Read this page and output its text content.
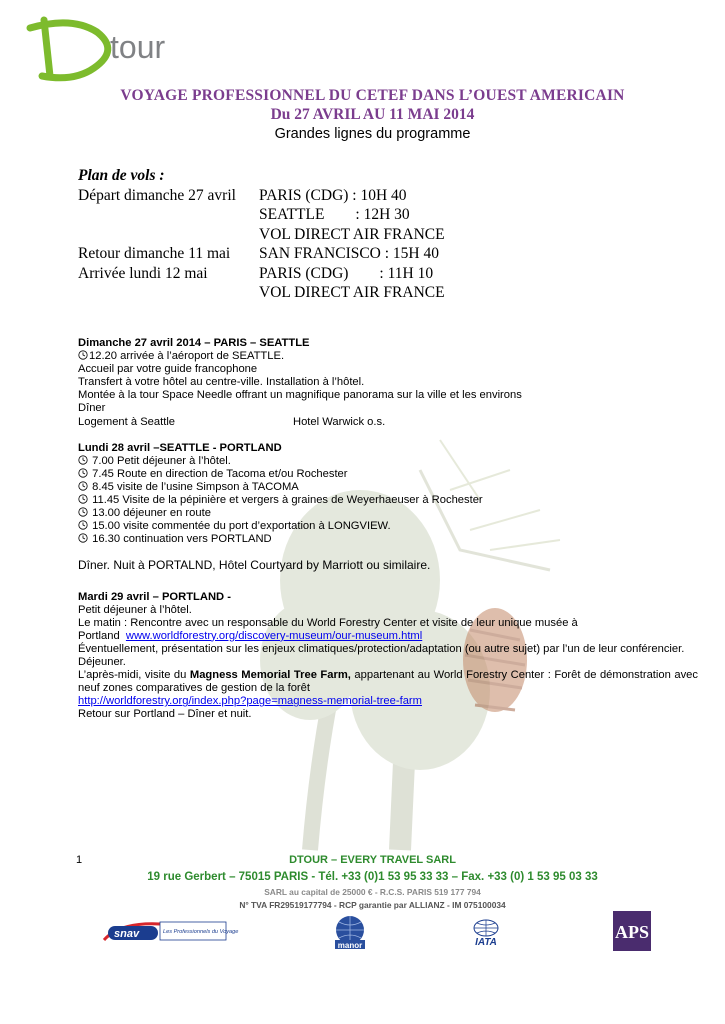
tour
VOYAGE PROFESSIONNEL DU CETEF DANS L’OUEST AMERICAIN
Du 27 AVRIL AU 11 MAI 2014
Grandes lignes du programme
Plan de vols :
Départ dimanche 27 avril	PARIS (CDG) : 10H 40
SEATTLE        : 12H 30
VOL DIRECT AIR FRANCE
Retour dimanche 11 mai	SAN FRANCISCO : 15H 40
Arrivée lundi 12 mai	PARIS (CDG)        : 11H 10
VOL DIRECT AIR FRANCE
Dimanche 27 avril 2014 – PARIS – SEATTLE
12.20 arrivée à l’aéroport de SEATTLE.
Accueil par votre guide francophone
Transfert à votre hôtel au centre-ville. Installation à l’hôtel.
Montée à la tour Space Needle offrant un magnifique panorama sur la ville et les environs
Dîner
Logement à Seattle	Hotel Warwick o.s.
Lundi 28 avril –SEATTLE - PORTLAND
7.00 Petit déjeuner à l’hôtel.
7.45 Route en direction de Tacoma et/ou Rochester
8.45 visite de l’usine Simpson à TACOMA
11.45 Visite de la pépinière et vergers à graines de Weyerhaeuser à Rochester
13.00 déjeuner en route
15.00 visite commentée du port d’exportation à LONGVIEW.
16.30 continuation vers PORTLAND
Dîner. Nuit à PORTALND, Hôtel Courtyard by Marriott ou similaire.
Mardi 29 avril – PORTLAND -
Petit déjeuner à l’hôtel.
Le matin : Rencontre avec un responsable du World Forestry Center et visite de leur unique musée à
Portland www.worldforestry.org/discovery-museum/our-museum.html
Éventuellement, présentation sur les enjeux climatiques/protection/adaptation (ou autre sujet) par l’un de leur conférencier.
Déjeuner.
L’après-midi, visite du Magness Memorial Tree Farm, appartenant au World Forestry Center : Forêt de démonstration avec neuf zones comparatives de gestion de la forêt
http://worldforestry.org/index.php?page=magness-memorial-tree-farm
Retour sur Portland – Dîner et nuit.
1	DTOUR – EVERY TRAVEL SARL
19 rue Gerbert – 75015 PARIS - Tél. +33 (0)1 53 95 33 33 – Fax. +33 (0) 1 53 95 03 33
SARL au capital de 25000 € - R.C.S. PARIS 519 177 794
N° TVA FR29519177794 - RCP garantie par ALLIANZ - IM 075100034
snav	Les Professionnels du Voyage
manor	IATA
APS
